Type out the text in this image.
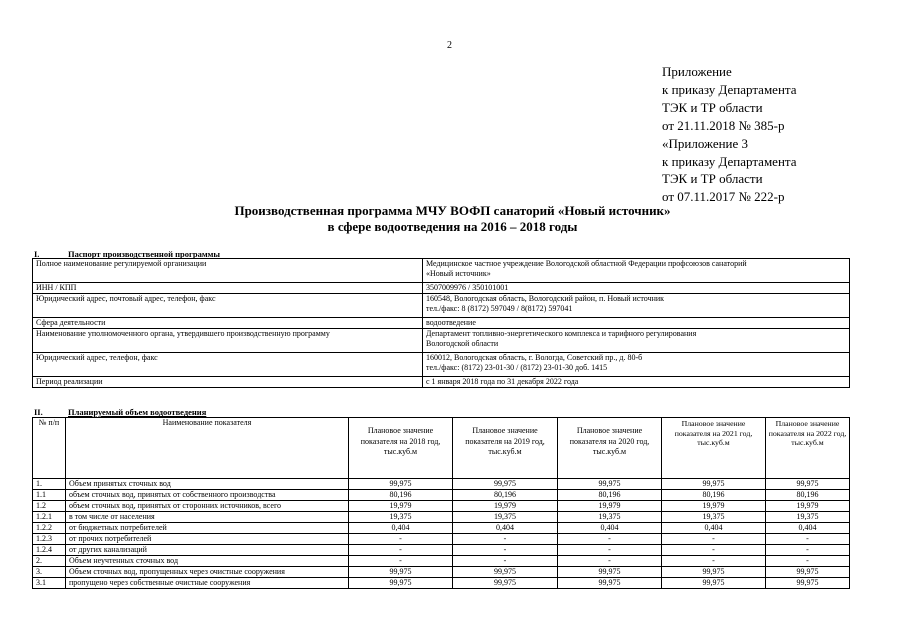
2
Приложение
к приказу Департамента
ТЭК и ТР области
от 21.11.2018 № 385-р
«Приложение 3
к приказу Департамента
ТЭК и ТР области
от 07.11.2017 № 222-р
Производственная программа МЧУ ВОФП санаторий «Новый источник»
в сфере водоотведения на 2016 – 2018 годы
I.	Паспорт производственной программы
Полное наименование регулируемой организации	Медицинское частное учреждение Вологодской областной Федерации профсоюзов санаторий
«Новый источник»

ИНН / КПП	3507009976 / 350101001

Юридический адрес, почтовый адрес, телефон, факс	160548, Вологодская область, Вологодский район, п. Новый источник
тел./факс: 8 (8172) 597049 / 8(8172) 597041

Сфера деятельности	водоотведение

Наименование уполномоченного органа, утвердившего производственную программу	Департамент топливно-энергетического комплекса и тарифного регулирования
Вологодской области

Юридический адрес, телефон, факс	160012, Вологодская область, г. Вологда, Советский пр., д. 80-б
тел./факс: (8172) 23-01-30 / (8172) 23-01-30 доб. 1415

Период реализации	с 1 января 2018 года по 31 декабря 2022 года
II.	Планируемый объем водоотведения
№ п/п	Наименование показателя	Плановое значение показателя на 2018 год, тыс.куб.м	Плановое значение показателя на 2019 год, тыс.куб.м	Плановое значение показателя на 2020 год, тыс.куб.м	Плановое значение показателя на 2021 год, тыс.куб.м	Плановое значение показателя на 2022 год, тыс.куб.м
1.	Объем принятых сточных вод	99,975	99,975	99,975	99,975	99,975
1.1	объем сточных вод, принятых от собственного производства	80,196	80,196	80,196	80,196	80,196
1.2	объем сточных вод, принятых от сторонних источников, всего	19,979	19,979	19,979	19,979	19,979
1.2.1	в том числе от населения	19,375	19,375	19,375	19,375	19,375
1.2.2	от бюджетных потребителей	0,404	0,404	0,404	0,404	0,404
1.2.3	от прочих потребителей	-	-	-	-	-
1.2.4	от других канализаций	-	-	-	-	-
2.	Объем неучтенных сточных вод	-	-	-	-	-
3.	Объем сточных вод, пропущенных через очистные сооружения	99,975	99,975	99,975	99,975	99,975
3.1	пропущено через собственные очистные сооружения	99,975	99,975	99,975	99,975	99,975
